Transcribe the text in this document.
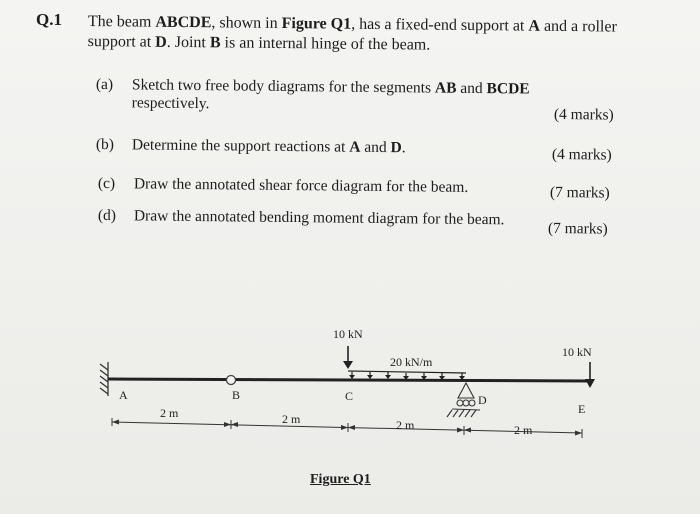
Q.1 The beam ABCDE, shown in Figure Q1, has a fixed-end support at A and a roller
support at D. Joint B is an internal hinge of the beam.
(a) Sketch two free body diagrams for the segments AB and BCDE
respectively.
(4 marks)
(b) Determine the support reactions at A and D.	(4 marks)
(c) Draw the annotated shear force diagram for the beam.	(7 marks)
(d) Draw the annotated bending moment diagram for the beam.
(7 marks)
A	B	C	D
E
10 kN
20 kN/m
10 kN
2 m	2 m	2 m	2 m
Figure Q1
